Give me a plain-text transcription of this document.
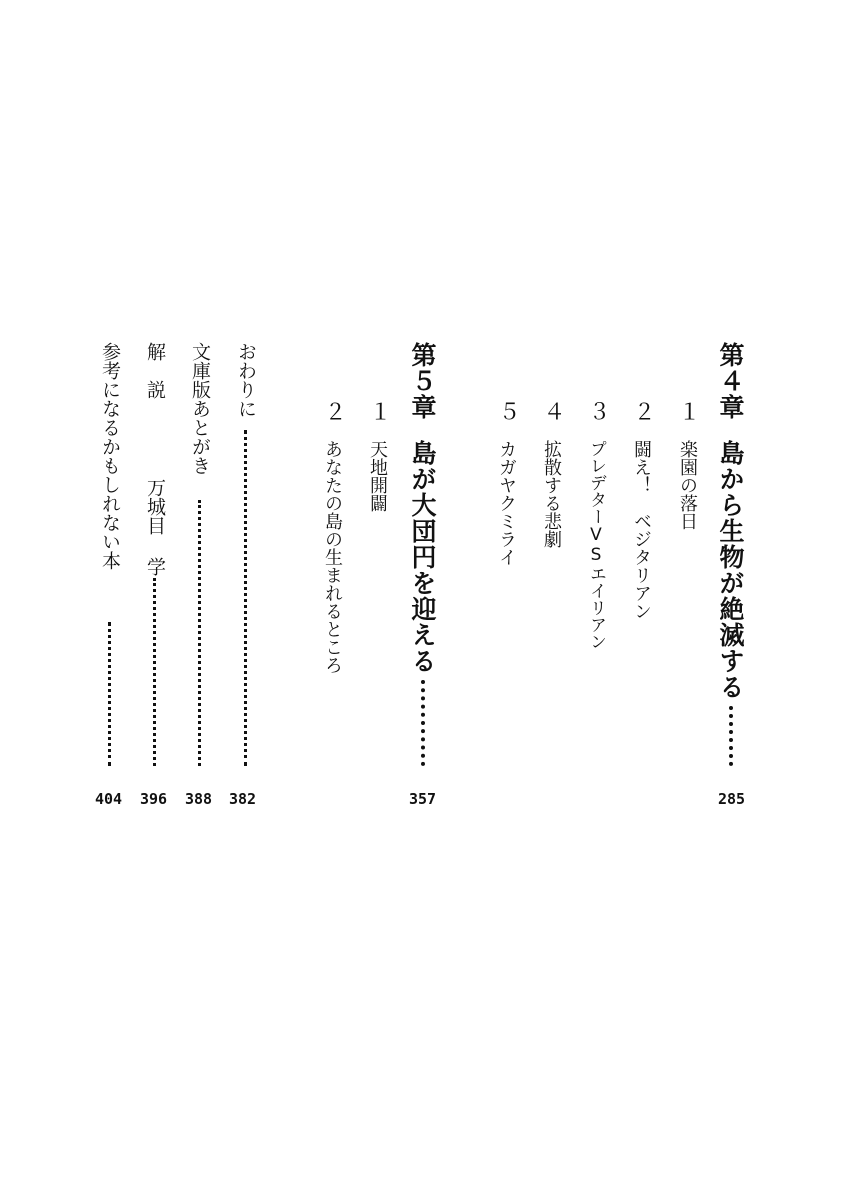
第４章
島から生物が絶滅する
285
１
楽園の落日
２
闘え！　ベジタリアン
３
プレデターVSエイリアン
４
拡散する悲劇
５
カガヤクミライ
第５章
島が大団円を迎える
357
１
天地開闢
２
あなたの島の生まれるところ
おわりに
382
文庫版あとがき
388
解　説
万城目 学
396
参考になるかもしれない本
404
